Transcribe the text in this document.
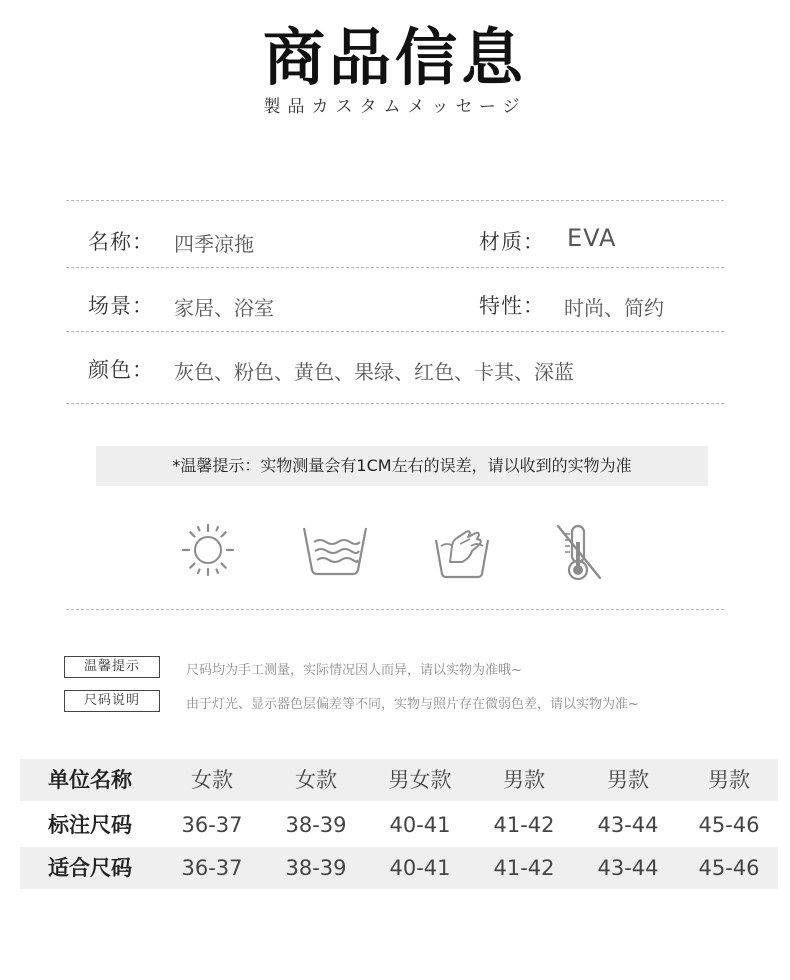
商品信息
製品カスタムメッセージ
名称： 四季凉拖	材质： EVA
场景： 家居、浴室	特性： 时尚、简约
颜色： 灰色、粉色、黄色、果绿、红色、卡其、深蓝
*温馨提示：实物测量会有1CM左右的误差，请以收到的实物为准
温馨提示	尺码均为手工测量，实际情况因人而异，请以实物为准哦~
尺码说明	由于灯光、显示器色层偏差等不同，实物与照片存在微弱色差，请以实物为准~
单位名称	女款	女款	男女款	男款	男款	男款
标注尺码	36-37	38-39	40-41	41-42	43-44	45-46
适合尺码	36-37	38-39	40-41	41-42	43-44	45-46
